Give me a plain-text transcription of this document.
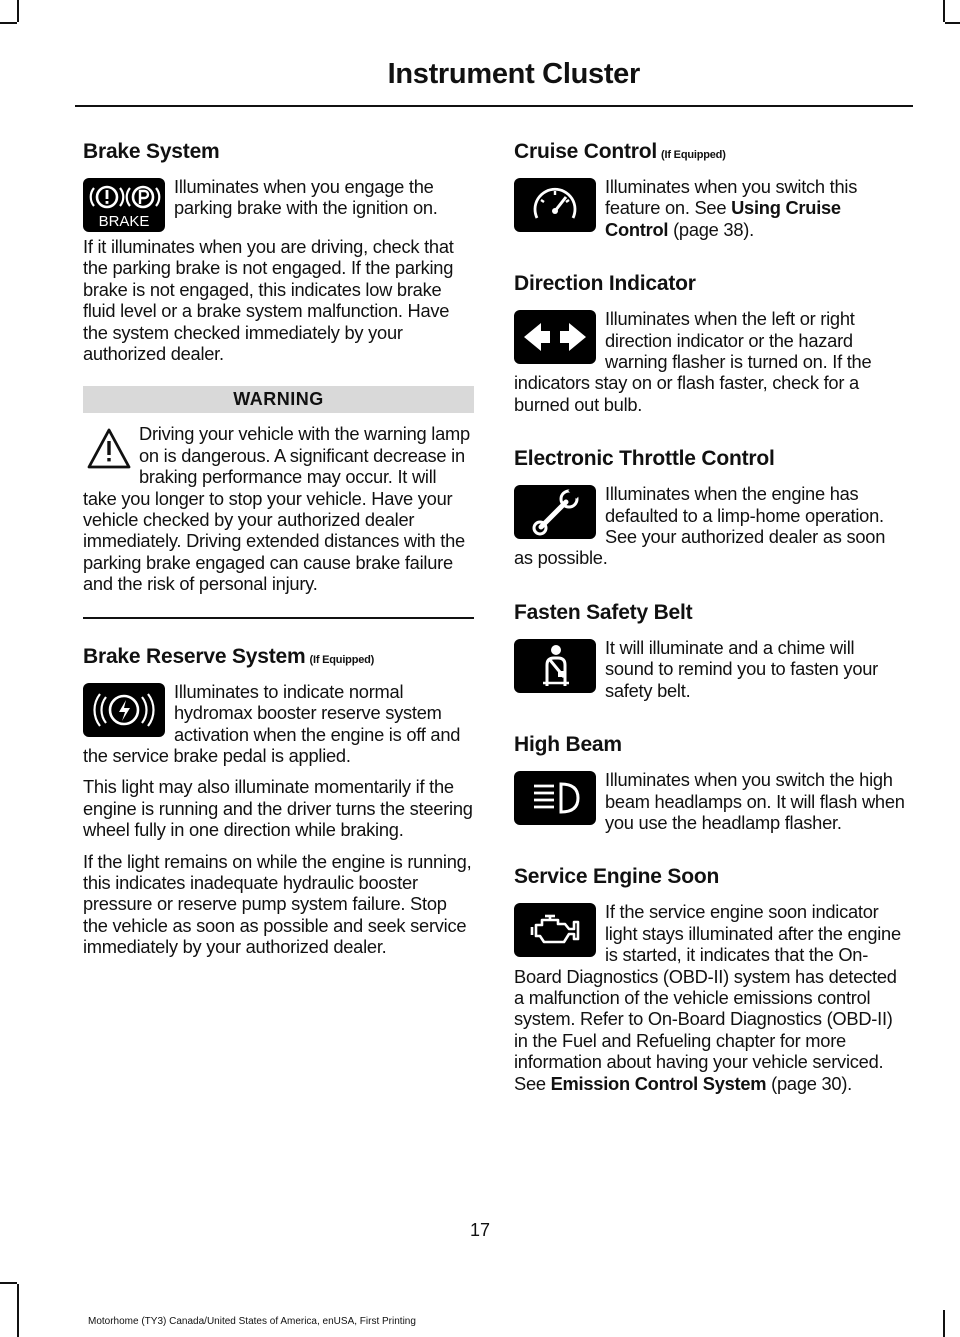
Instrument Cluster
Brake System
BRAKE

Illuminates when you engage the parking brake with the ignition on.

If it illuminates when you are driving, check that the parking brake is not engaged. If the parking brake is not engaged, this indicates low brake fluid level or a brake system malfunction. Have the system checked immediately by your authorized dealer.

WARNING

Driving your vehicle with the warning lamp on is dangerous. A significant decrease in braking performance may occur. It will take you longer to stop your vehicle. Have your vehicle checked by your authorized dealer immediately. Driving extended distances with the parking brake engaged can cause brake failure and the risk of personal injury.

Brake Reserve System (If Equipped)

Illuminates to indicate normal hydromax booster reserve system activation when the engine is off and the service brake pedal is applied.

This light may also illuminate momentarily if the engine is running and the driver turns the steering wheel fully in one direction while braking.

If the light remains on while the engine is running, this indicates inadequate hydraulic booster pressure or reserve pump system failure. Stop the vehicle as soon as possible and seek service immediately by your authorized dealer.

Cruise Control (If Equipped)

Illuminates when you switch this feature on. See Using Cruise Control (page 38).

Direction Indicator

Illuminates when the left or right direction indicator or the hazard warning flasher is turned on. If the indicators stay on or flash faster, check for a burned out bulb.

Electronic Throttle Control

Illuminates when the engine has defaulted to a limp-home operation. See your authorized dealer as soon as possible.

Fasten Safety Belt

It will illuminate and a chime will sound to remind you to fasten your safety belt.

High Beam

Illuminates when you switch the high beam headlamps on. It will flash when you use the headlamp flasher.

Service Engine Soon

If the service engine soon indicator light stays illuminated after the engine is started, it indicates that the On-Board Diagnostics (OBD-II) system has detected a malfunction of the vehicle emissions control system. Refer to On-Board Diagnostics (OBD-II) in the Fuel and Refueling chapter for more information about having your vehicle serviced. See Emission Control System (page 30).

17
Motorhome (TY3) Canada/United States of America, enUSA, First Printing
